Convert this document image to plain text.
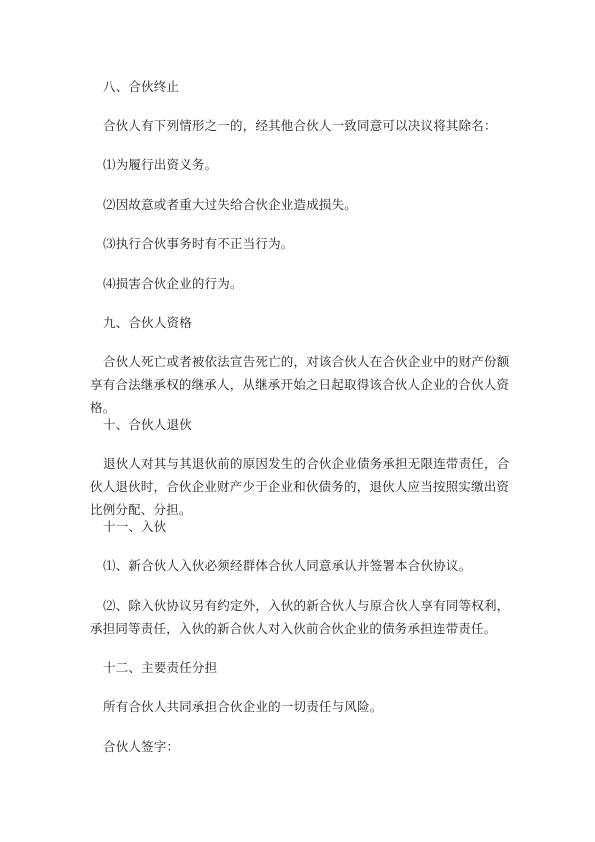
八、合伙终止

合伙人有下列情形之一的，经其他合伙人一致同意可以决议将其除名：

⑴为履行出资义务。

⑵因故意或者重大过失给合伙企业造成损失。

⑶执行合伙事务时有不正当行为。

⑷损害合伙企业的行为。

九、合伙人资格

合伙人死亡或者被依法宣告死亡的，对该合伙人在合伙企业中的财产份额享有合法继承权的继承人，从继承开始之日起取得该合伙人企业的合伙人资格。

十、合伙人退伙

退伙人对其与其退伙前的原因发生的合伙企业债务承担无限连带责任，合伙人退伙时，合伙企业财产少于企业和伙债务的，退伙人应当按照实缴出资比例分配、分担。

十一、入伙

⑴、新合伙人入伙必须经群体合伙人同意承认并签署本合伙协议。

⑵、除入伙协议另有约定外，入伙的新合伙人与原合伙人享有同等权利，承担同等责任，入伙的新合伙人对入伙前合伙企业的债务承担连带责任。

十二、主要责任分担

所有合伙人共同承担合伙企业的一切责任与风险。

合伙人签字：
